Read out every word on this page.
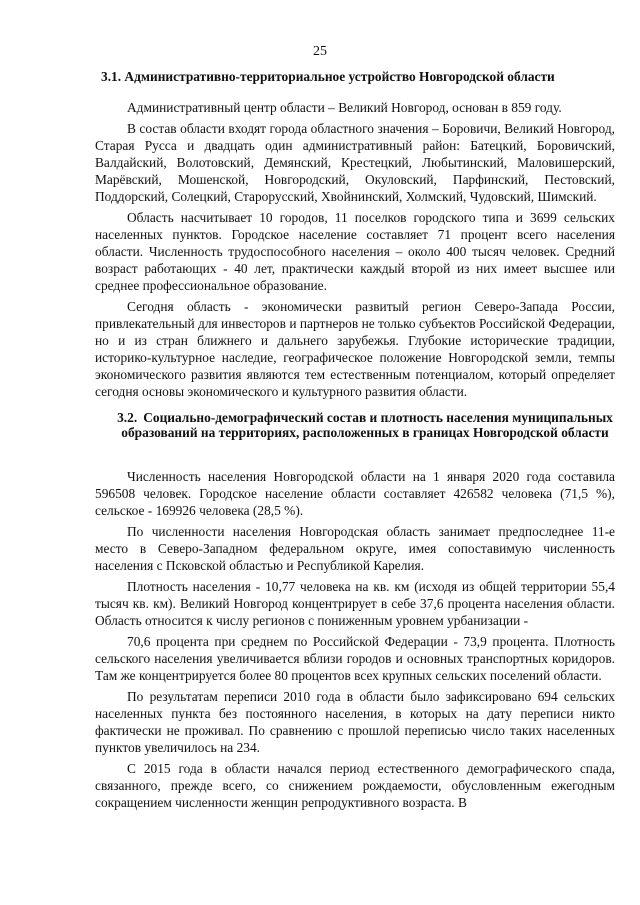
25
3.1. Административно-территориальное устройство Новгородской области

Административный центр области – Великий Новгород, основан в 859 году.

В состав области входят города областного значения – Боровичи, Великий Новгород, Старая Русса и двадцать один административный район: Батецкий, Боровичский, Валдайский, Волотовский, Демянский, Крестецкий, Любытинский, Маловишерский, Марёвский, Мошенской, Новгородский, Окуловский, Парфинский, Пестовский, Поддорский, Солецкий, Старорусский, Хвойнинский, Холмский, Чудовский, Шимский.

Область насчитывает 10 городов, 11 поселков городского типа и 3699 сельских населенных пунктов. Городское население составляет 71 процент всего населения области. Численность трудоспособного населения – около 400 тысяч человек. Средний возраст работающих - 40 лет, практически каждый второй из них имеет высшее или среднее профессиональное образование.

Сегодня область - экономически развитый регион Северо-Запада России, привлекательный для инвесторов и партнеров не только субъектов Российской Федерации, но и из стран ближнего и дальнего зарубежья. Глубокие исторические традиции, историко-культурное наследие, географическое положение Новгородской земли, темпы экономического развития являются тем естественным потенциалом, который определяет сегодня основы экономического и культурного развития области.

3.2. Социально-демографический состав и плотность населения муниципальных образований на территориях, расположенных в границах Новгородской области

Численность населения Новгородской области на 1 января 2020 года составила 596508 человек. Городское население области составляет 426582 человека (71,5 %), сельское - 169926 человека (28,5 %).

По численности населения Новгородская область занимает предпоследнее 11-е место в Северо-Западном федеральном округе, имея сопоставимую численность населения с Псковской областью и Республикой Карелия.

Плотность населения - 10,77 человека на кв. км (исходя из общей территории 55,4 тысяч кв. км). Великий Новгород концентрирует в себе 37,6 процента населения области. Область относится к числу регионов с пониженным уровнем урбанизации -

70,6 процента при среднем по Российской Федерации - 73,9 процента. Плотность сельского населения увеличивается вблизи городов и основных транспортных коридоров. Там же концентрируется более 80 процентов всех крупных сельских поселений области.

По результатам переписи 2010 года в области было зафиксировано 694 сельских населенных пункта без постоянного населения, в которых на дату переписи никто фактически не проживал. По сравнению с прошлой переписью число таких населенных пунктов увеличилось на 234.

С 2015 года в области начался период естественного демографического спада, связанного, прежде всего, со снижением рождаемости, обусловленным ежегодным сокращением численности женщин репродуктивного возраста. В
